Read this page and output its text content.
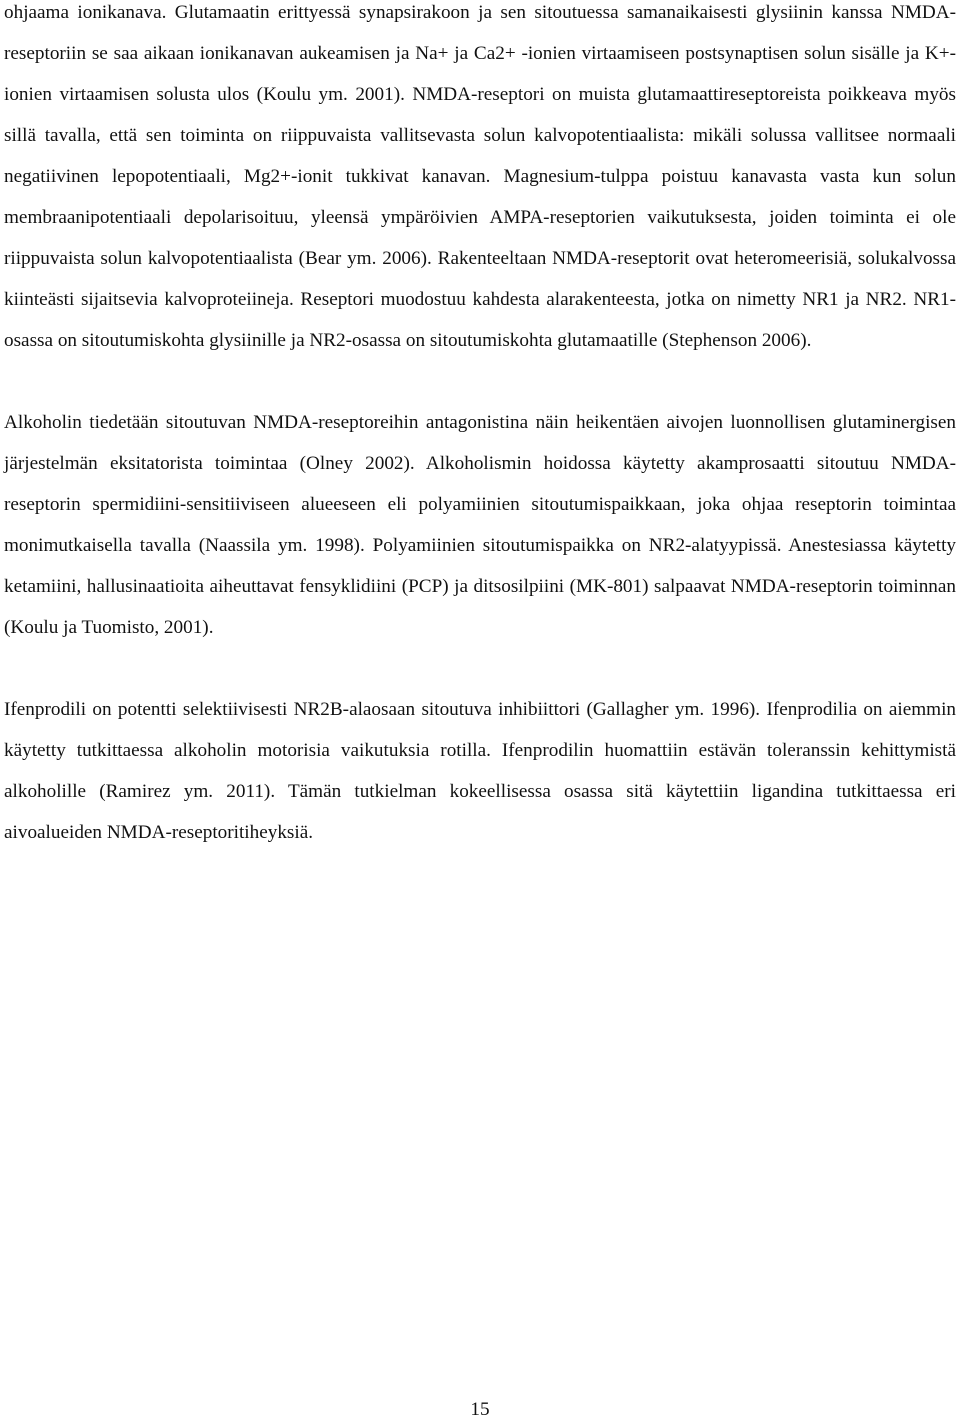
ohjaama ionikanava. Glutamaatin erittyessä synapsirakoon ja sen sitoutuessa samanaikaisesti glysiinin kanssa NMDA-reseptoriin se saa aikaan ionikanavan aukeamisen ja Na+ ja Ca2+ -ionien virtaamiseen postsynaptisen solun sisälle ja K+-ionien virtaamisen solusta ulos (Koulu ym. 2001). NMDA-reseptori on muista glutamaattireseptoreista poikkeava myös sillä tavalla, että sen toiminta on riippuvaista vallitsevasta solun kalvopotentiaalista: mikäli solussa vallitsee normaali negatiivinen lepopotentiaali, Mg2+-ionit tukkivat kanavan. Magnesium-tulppa poistuu kanavasta vasta kun solun membraanipotentiaali depolarisoituu, yleensä ympäröivien AMPA-reseptorien vaikutuksesta, joiden toiminta ei ole riippuvaista solun kalvopotentiaalista (Bear ym. 2006). Rakenteeltaan NMDA-reseptorit ovat heteromeerisiä, solukalvossa kiinteästi sijaitsevia kalvoproteiineja. Reseptori muodostuu kahdesta alarakenteesta, jotka on nimetty NR1 ja NR2. NR1- osassa on sitoutumiskohta glysiinille ja NR2-osassa on sitoutumiskohta glutamaatille (Stephenson 2006).

Alkoholin tiedetään sitoutuvan NMDA-reseptoreihin antagonistina näin heikentäen aivojen luonnollisen glutaminergisen järjestelmän eksitatorista toimintaa (Olney 2002). Alkoholismin hoidossa käytetty akamprosaatti sitoutuu NMDA-reseptorin spermidiini-sensitiiviseen alueeseen eli polyamiinien sitoutumispaikkaan, joka ohjaa reseptorin toimintaa monimutkaisella tavalla (Naassila ym. 1998). Polyamiinien sitoutumispaikka on NR2-alatyypissä. Anestesiassa käytetty ketamiini, hallusinaatioita aiheuttavat fensyklidiini (PCP) ja ditsosilpiini (MK-801) salpaavat NMDA-reseptorin toiminnan (Koulu ja Tuomisto, 2001).

Ifenprodili on potentti selektiivisesti NR2B-alaosaan sitoutuva inhibiittori (Gallagher ym. 1996). Ifenprodilia on aiemmin käytetty tutkittaessa alkoholin motorisia vaikutuksia rotilla. Ifenprodilin huomattiin estävän toleranssin kehittymistä alkoholille (Ramirez ym. 2011). Tämän tutkielman kokeellisessa osassa sitä käytettiin ligandina tutkittaessa eri aivoalueiden NMDA-reseptoritiheyksiä.

15
